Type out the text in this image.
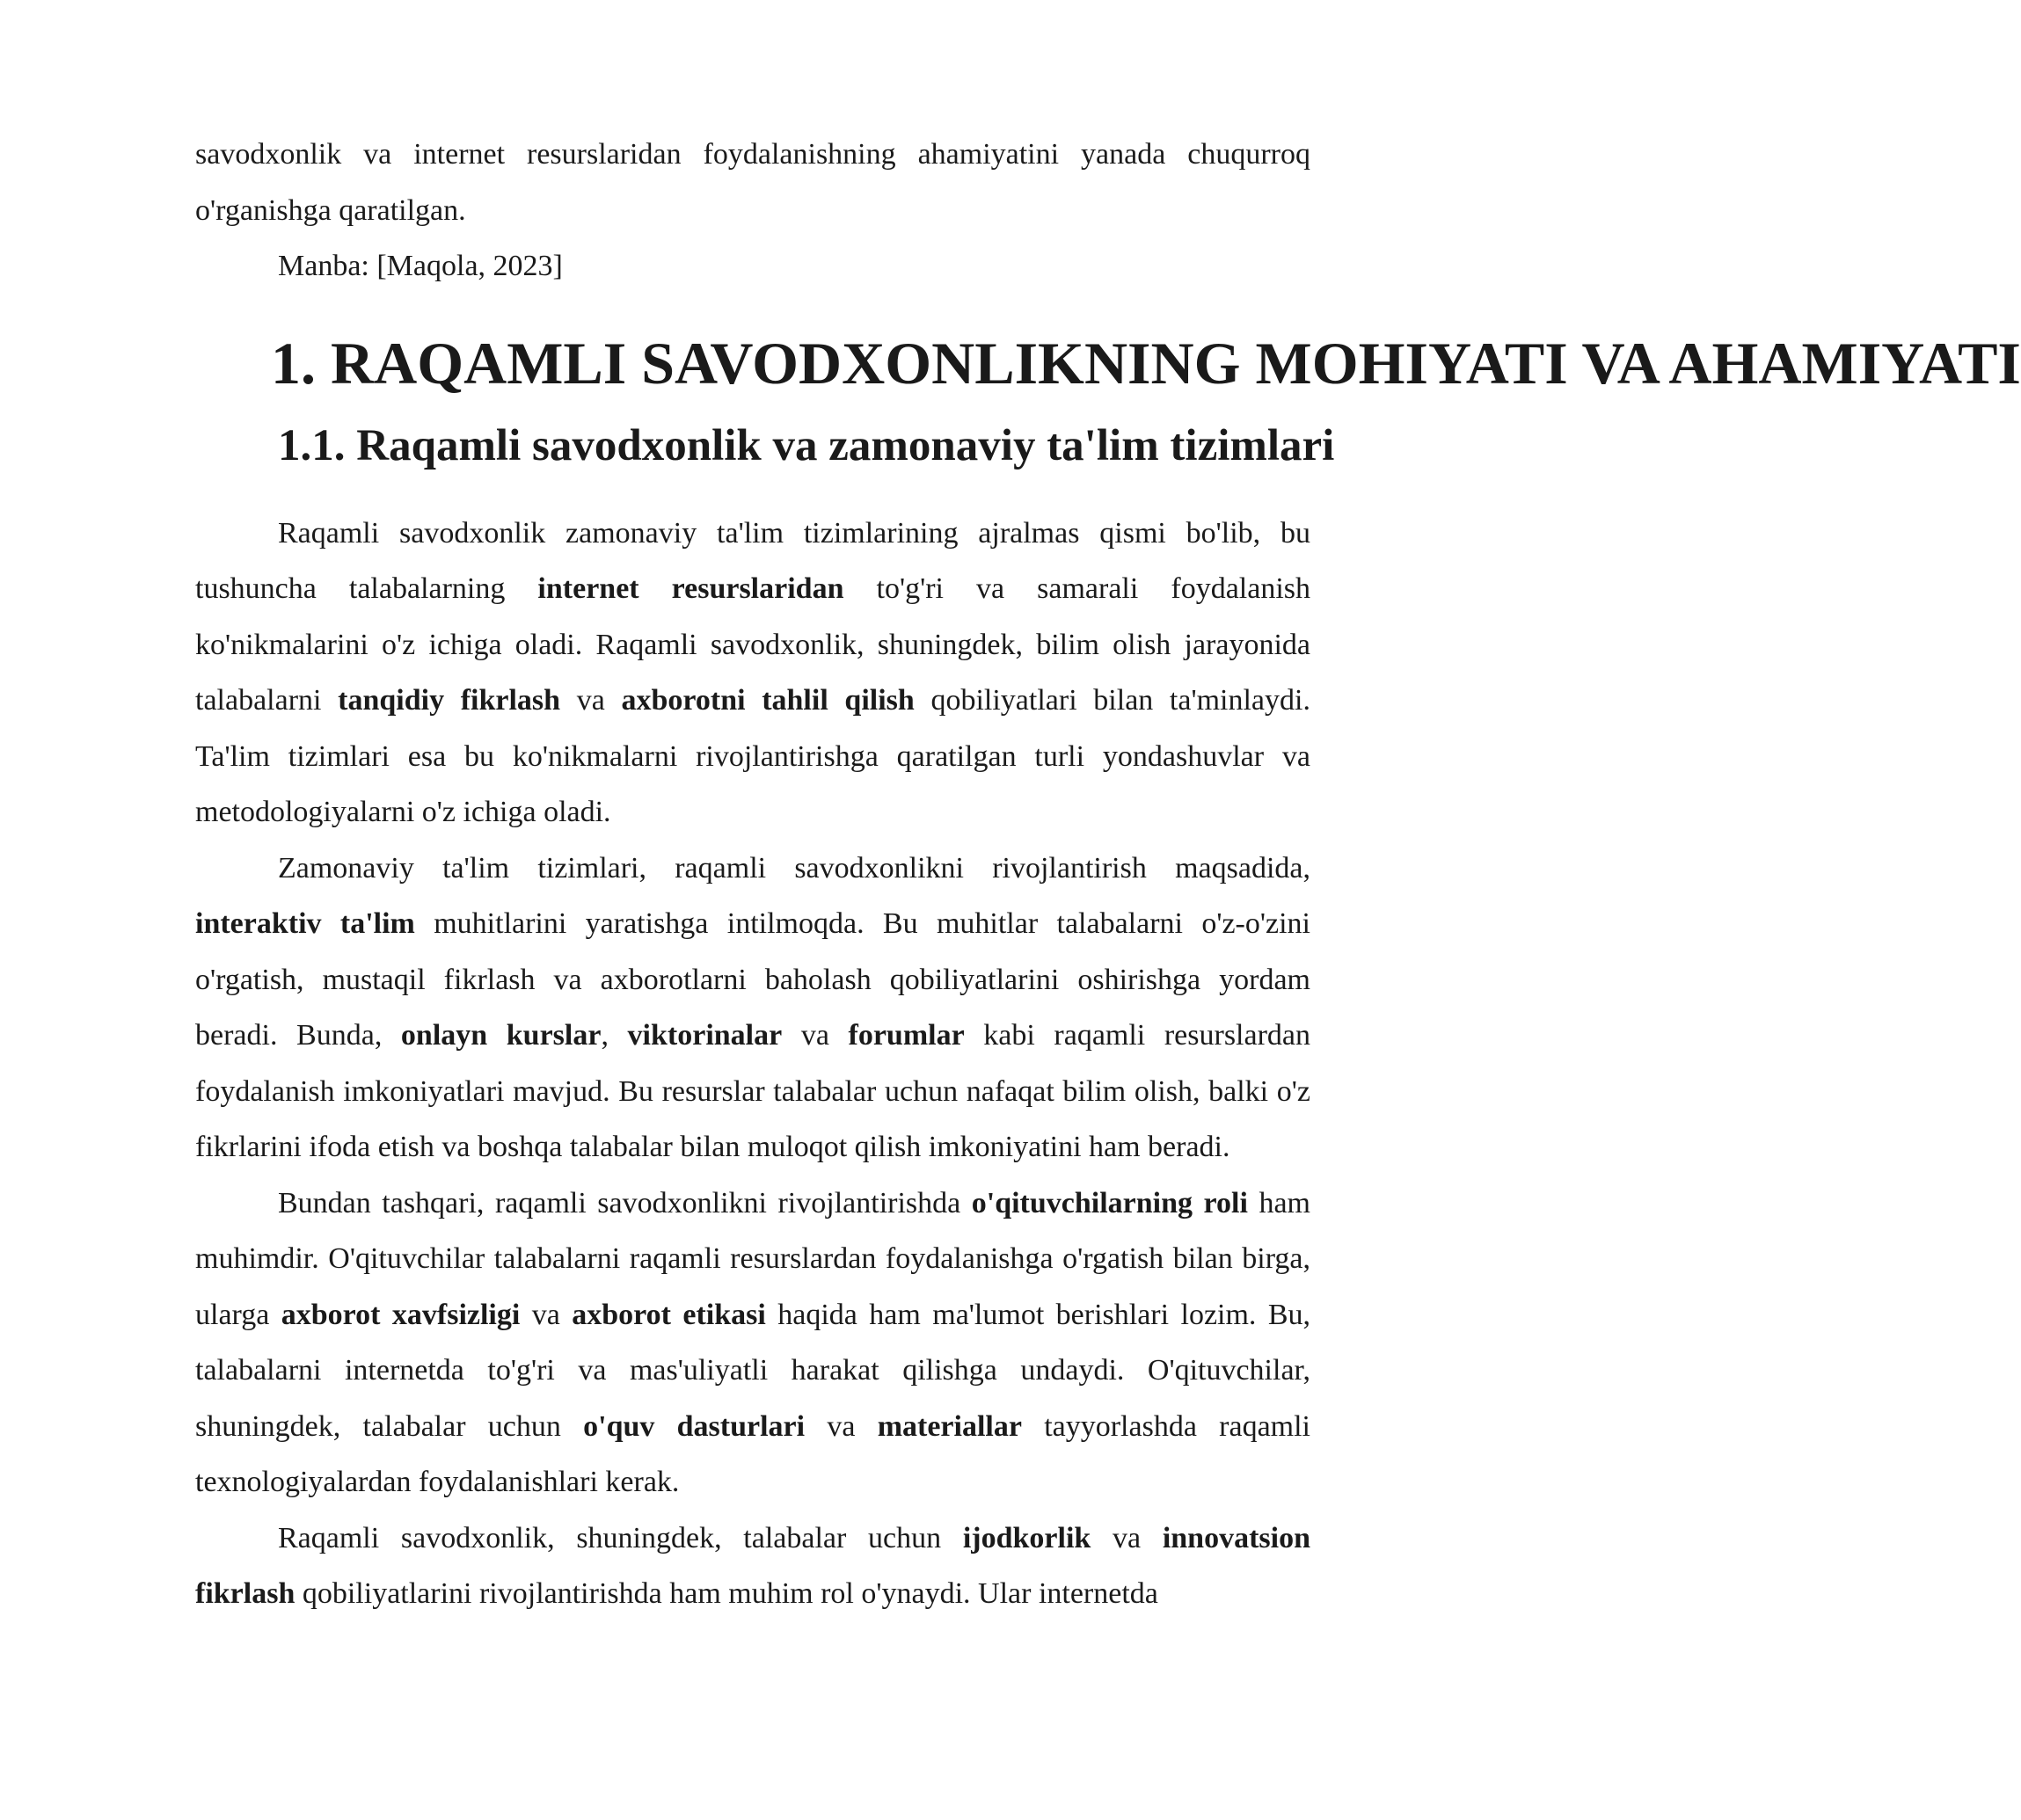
savodxonlik va internet resurslaridan foydalanishning ahamiyatini yanada chuqurroq o'rganishga qaratilgan.

Manba: [Maqola, 2023]

1. RAQAMLI SAVODXONLIKNING MOHIYATI VA AHAMIYATI
1.1. Raqamli savodxonlik va zamonaviy ta'lim tizimlari

Raqamli savodxonlik zamonaviy ta'lim tizimlarining ajralmas qismi bo'lib, bu tushuncha talabalarning internet resurslaridan to'g'ri va samarali foydalanish ko'nikmalarini o'z ichiga oladi. Raqamli savodxonlik, shuningdek, bilim olish jarayonida talabalarni tanqidiy fikrlash va axborotni tahlil qilish qobiliyatlari bilan ta'minlaydi. Ta'lim tizimlari esa bu ko'nikmalarni rivojlantirishga qaratilgan turli yondashuvlar va metodologiyalarni o'z ichiga oladi.

Zamonaviy ta'lim tizimlari, raqamli savodxonlikni rivojlantirish maqsadida, interaktiv ta'lim muhitlarini yaratishga intilmoqda. Bu muhitlar talabalarni o'z-o'zini o'rgatish, mustaqil fikrlash va axborotlarni baholash qobiliyatlarini oshirishga yordam beradi. Bunda, onlayn kurslar, viktorinalar va forumlar kabi raqamli resurslardan foydalanish imkoniyatlari mavjud. Bu resurslar talabalar uchun nafaqat bilim olish, balki o'z fikrlarini ifoda etish va boshqa talabalar bilan muloqot qilish imkoniyatini ham beradi.

Bundan tashqari, raqamli savodxonlikni rivojlantirishda o'qituvchilarning roli ham muhimdir. O'qituvchilar talabalarni raqamli resurslardan foydalanishga o'rgatish bilan birga, ularga axborot xavfsizligi va axborot etikasi haqida ham ma'lumot berishlari lozim. Bu, talabalarni internetda to'g'ri va mas'uliyatli harakat qilishga undaydi. O'qituvchilar, shuningdek, talabalar uchun o'quv dasturlari va materiallar tayyorlashda raqamli texnologiyalardan foydalanishlari kerak.

Raqamli savodxonlik, shuningdek, talabalar uchun ijodkorlik va innovatsion fikrlash qobiliyatlarini rivojlantirishda ham muhim rol o'ynaydi. Ular internetda
